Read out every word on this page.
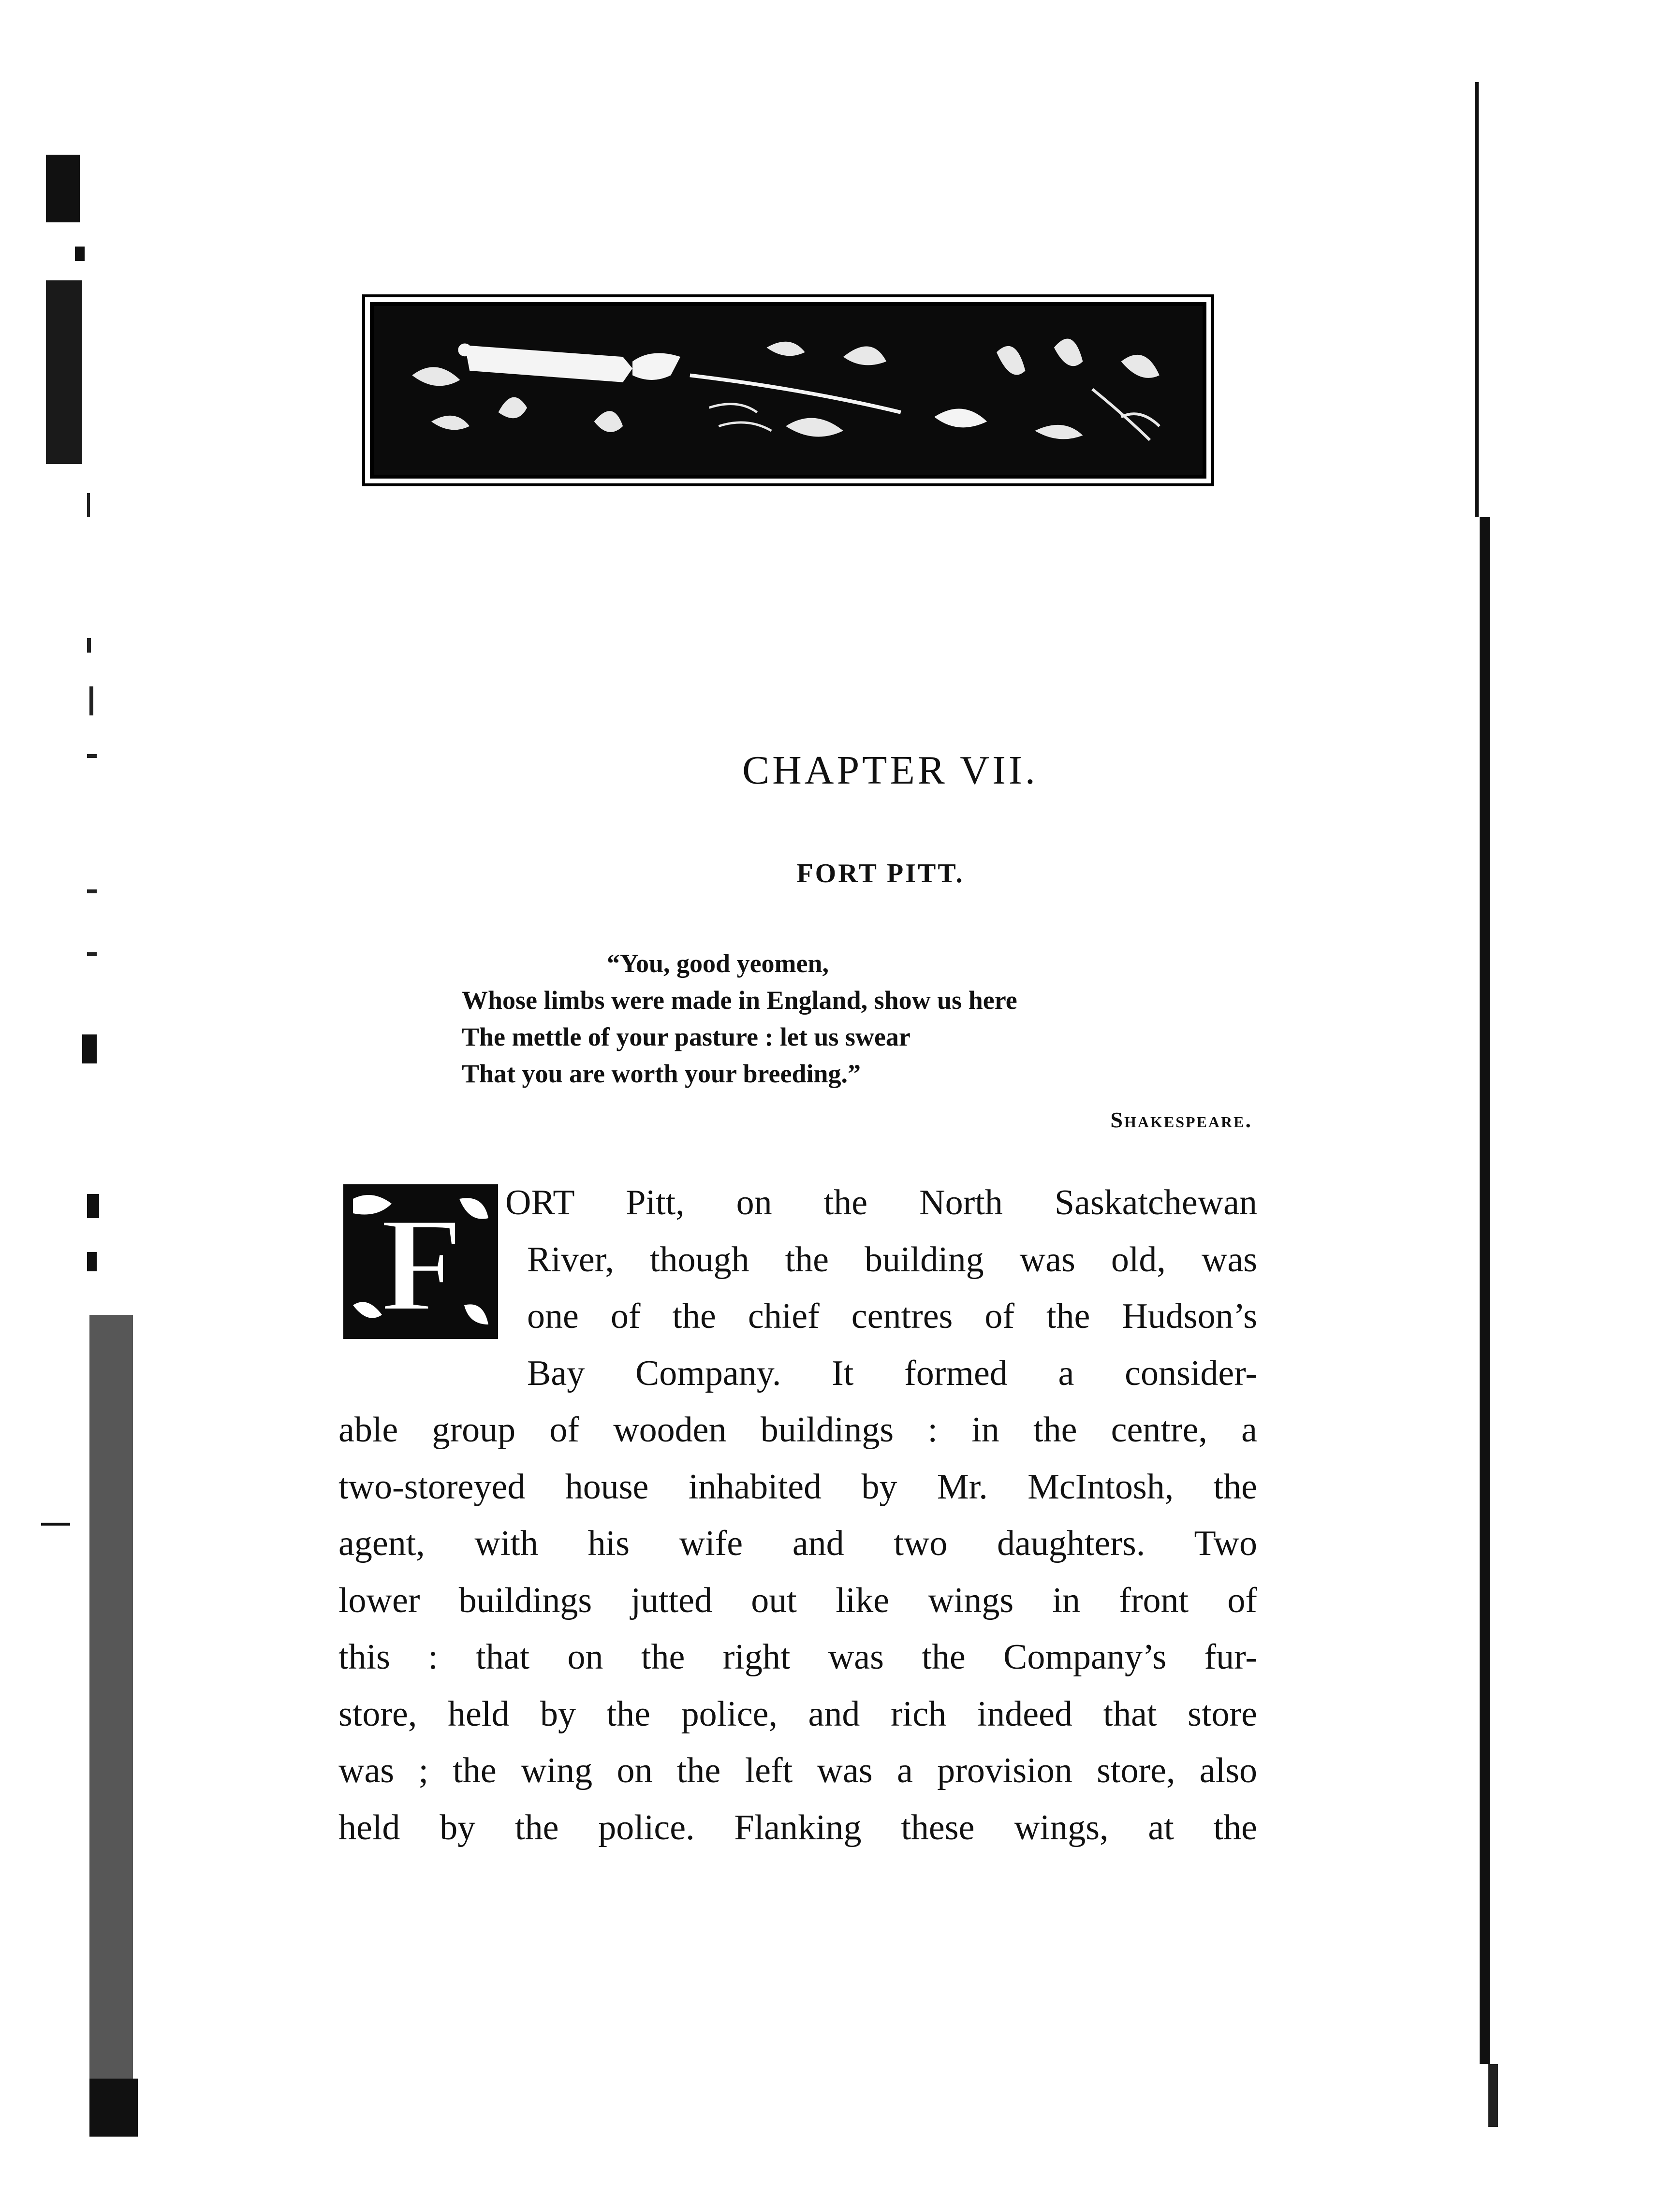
CHAPTER VII.
FORT PITT.
“You, good yeomen,
Whose limbs were made in England, show us here
The mettle of your pasture : let us swear
That you are worth your breeding.”
Shakespeare.
F	ORT Pitt, on the North Saskatchewan
River, though the building was old, was
one of the chief centres of the Hudson’s
Bay Company. It formed a consider-
able group of wooden buildings : in the centre, a
two-storeyed house inhabited by Mr. McIntosh, the
agent, with his wife and two daughters. Two
lower buildings jutted out like wings in front of
this : that on the right was the Company’s fur-
store, held by the police, and rich indeed that store
was ; the wing on the left was a provision store, also
held by the police. Flanking these wings, at the
